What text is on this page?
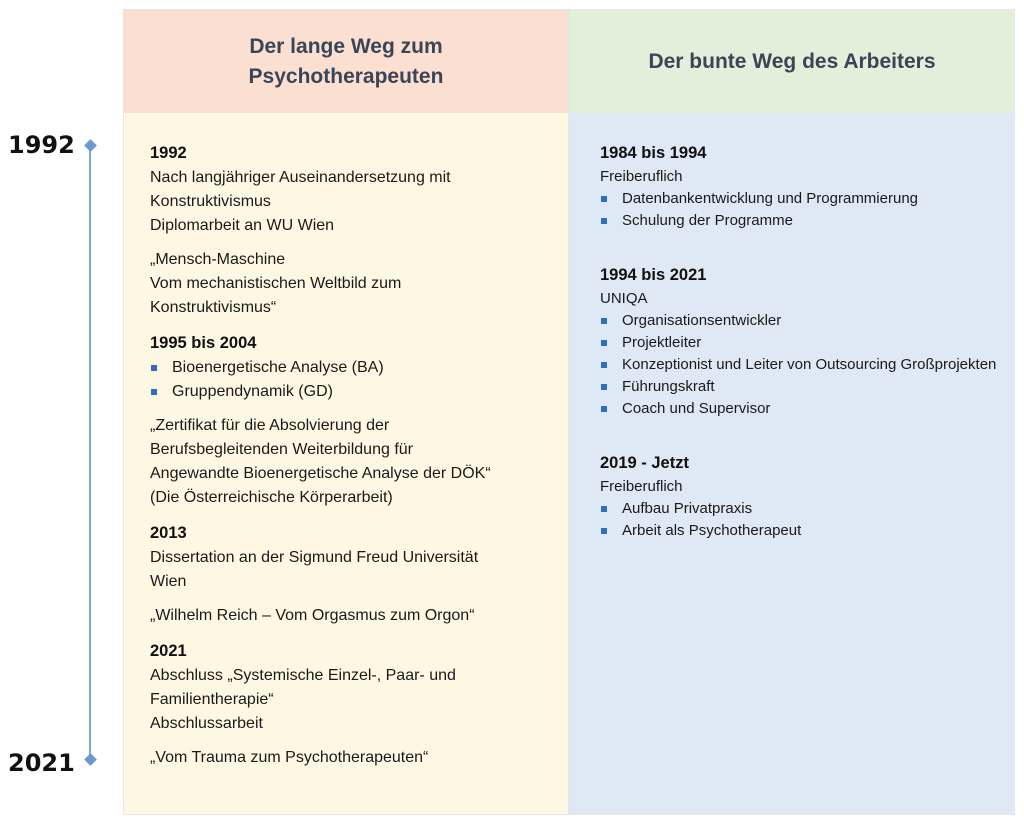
1992
2021
Der lange Weg zum
Psychotherapeuten
1992
Nach langjähriger Auseinandersetzung mit
Konstruktivismus
Diplomarbeit an WU Wien
„Mensch-Maschine
Vom mechanistischen Weltbild zum
Konstruktivismus“
1995 bis 2004
Bioenergetische Analyse (BA)
Gruppendynamik (GD)
„Zertifikat für die Absolvierung der
Berufsbegleitenden Weiterbildung für
Angewandte Bioenergetische Analyse der DÖK“
(Die Österreichische Körperarbeit)
2013
Dissertation an der Sigmund Freud Universität
Wien
„Wilhelm Reich – Vom Orgasmus zum Orgon“
2021
Abschluss „Systemische Einzel-, Paar- und
Familientherapie“
Abschlussarbeit
„Vom Trauma zum Psychotherapeuten“
Der bunte Weg des Arbeiters
1984 bis 1994
Freiberuflich
Datenbankentwicklung und Programmierung
Schulung der Programme
1994 bis 2021
UNIQA
Organisationsentwickler
Projektleiter
Konzeptionist und Leiter von Outsourcing Großprojekten
Führungskraft
Coach und Supervisor
2019 - Jetzt
Freiberuflich
Aufbau Privatpraxis
Arbeit als Psychotherapeut
